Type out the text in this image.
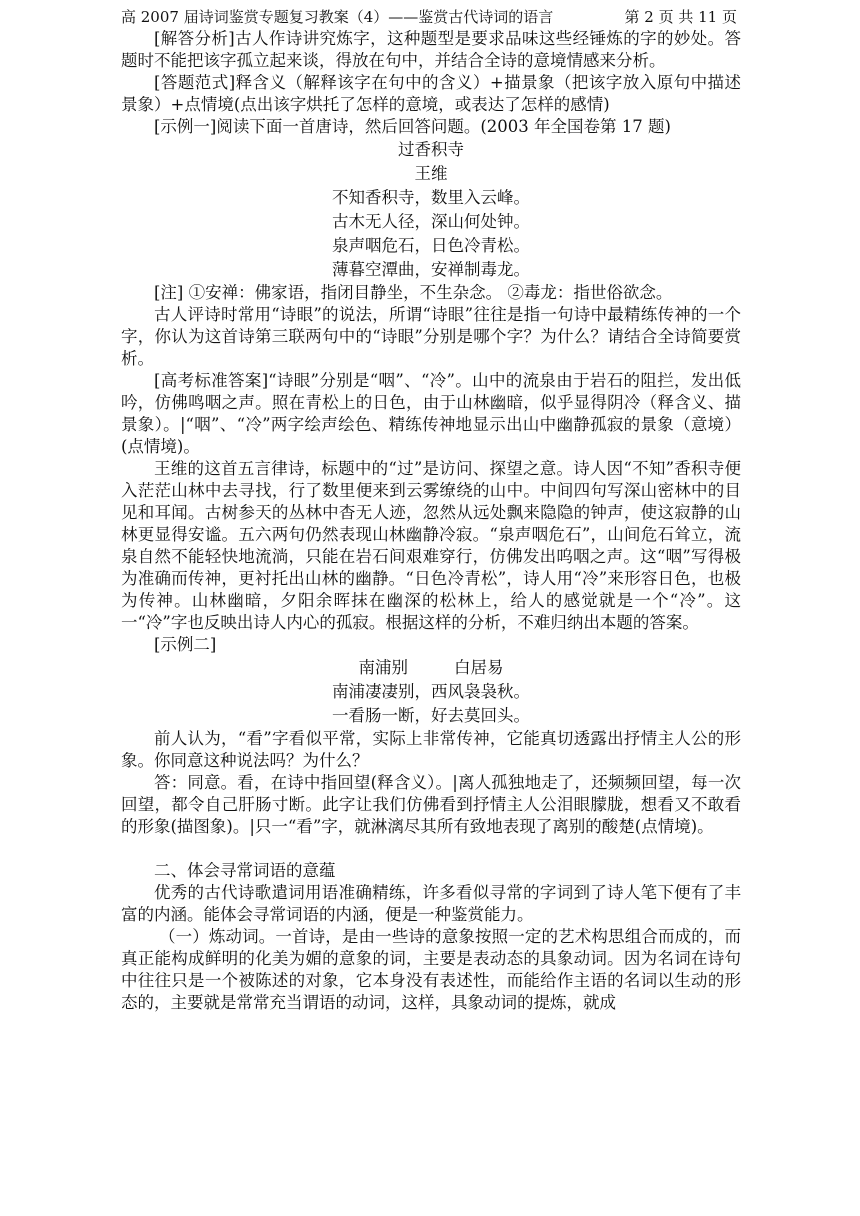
高 2007 届诗词鉴赏专题复习教案（4）——鉴赏古代诗词的语言	第 2 页 共 11 页

[解答分析]古人作诗讲究炼字，这种题型是要求品味这些经锤炼的字的妙处。答题时不能把该字孤立起来谈，得放在句中，并结合全诗的意境情感来分析。

[答题范式]释含义（解释该字在句中的含义）+描景象（把该字放入原句中描述景象）+点情境(点出该字烘托了怎样的意境，或表达了怎样的感情)

[示例一]阅读下面一首唐诗，然后回答问题。(2003 年全国卷第 17 题)

过香积寺
王维
不知香积寺，数里入云峰。
古木无人径，深山何处钟。
泉声咽危石，日色冷青松。
薄暮空潭曲，安禅制毒龙。

[注] ①安禅：佛家语，指闭目静坐，不生杂念。 ②毒龙：指世俗欲念。

古人评诗时常用“诗眼”的说法，所谓“诗眼”往往是指一句诗中最精练传神的一个字，你认为这首诗第三联两句中的“诗眼”分别是哪个字？为什么？请结合全诗简要赏析。

[高考标准答案]“诗眼”分别是“咽”、“冷”。山中的流泉由于岩石的阻拦，发出低吟，仿佛鸣咽之声。照在青松上的日色，由于山林幽暗，似乎显得阴冷（释含义、描景象）。|“咽”、“冷”两字绘声绘色、精练传神地显示出山中幽静孤寂的景象（意境）(点情境)。

王维的这首五言律诗，标题中的“过”是访问、探望之意。诗人因“不知”香积寺便入茫茫山林中去寻找，行了数里便来到云雾缭绕的山中。中间四句写深山密林中的目见和耳闻。古树参天的丛林中杳无人迹，忽然从远处飘来隐隐的钟声，使这寂静的山林更显得安谧。五六两句仍然表现山林幽静冷寂。“泉声咽危石”，山间危石耸立，流泉自然不能轻快地流淌，只能在岩石间艰难穿行，仿佛发出呜咽之声。这“咽”写得极为准确而传神，更衬托出山林的幽静。“日色冷青松”，诗人用“冷”来形容日色，也极为传神。山林幽暗，夕阳余晖抹在幽深的松林上，给人的感觉就是一个“冷”。这一“冷”字也反映出诗人内心的孤寂。根据这样的分析，不难归纳出本题的答案。

[示例二]

南浦别	白居易
南浦凄凄别，西风袅袅秋。
一看肠一断，好去莫回头。

前人认为，“看”字看似平常，实际上非常传神，它能真切透露出抒情主人公的形象。你同意这种说法吗？为什么？

答：同意。看，在诗中指回望(释含义）。|离人孤独地走了，还频频回望，每一次回望，都令自己肝肠寸断。此字让我们仿佛看到抒情主人公泪眼朦胧，想看又不敢看的形象(描图象)。|只一“看”字，就淋漓尽其所有致地表现了离别的酸楚(点情境)。

二、体会寻常词语的意蕴

优秀的古代诗歌遣词用语准确精练，许多看似寻常的字词到了诗人笔下便有了丰富的内涵。能体会寻常词语的内涵，便是一种鉴赏能力。

（一）炼动词。一首诗，是由一些诗的意象按照一定的艺术构思组合而成的，而真正能构成鲜明的化美为媚的意象的词，主要是表动态的具象动词。因为名词在诗句中往往只是一个被陈述的对象，它本身没有表述性，而能给作主语的名词以生动的形态的，主要就是常常充当谓语的动词，这样，具象动词的提炼，就成
